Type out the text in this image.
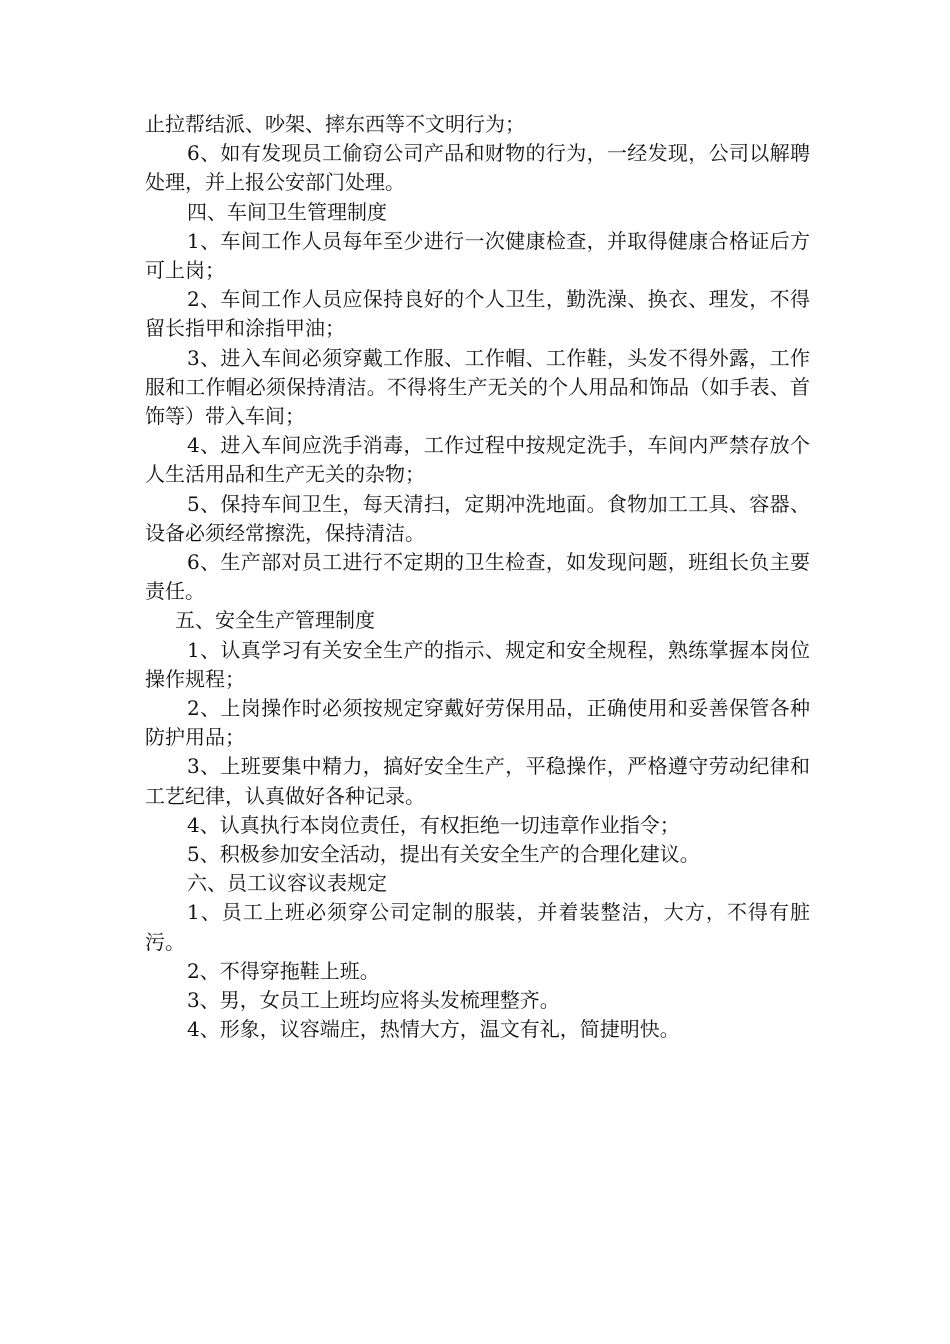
止拉帮结派、吵架、摔东西等不文明行为；

6、如有发现员工偷窃公司产品和财物的行为，一经发现，公司以解聘处理，并上报公安部门处理。

四、车间卫生管理制度

1、车间工作人员每年至少进行一次健康检查，并取得健康合格证后方可上岗；

2、车间工作人员应保持良好的个人卫生，勤洗澡、换衣、理发，不得留长指甲和涂指甲油；

3、进入车间必须穿戴工作服、工作帽、工作鞋，头发不得外露，工作服和工作帽必须保持清洁。不得将生产无关的个人用品和饰品（如手表、首饰等）带入车间；

4、进入车间应洗手消毒，工作过程中按规定洗手，车间内严禁存放个人生活用品和生产无关的杂物；

5、保持车间卫生，每天清扫，定期冲洗地面。食物加工工具、容器、设备必须经常擦洗，保持清洁。

6、生产部对员工进行不定期的卫生检查，如发现问题，班组长负主要责任。

五、安全生产管理制度

1、认真学习有关安全生产的指示、规定和安全规程，熟练掌握本岗位操作规程；

2、上岗操作时必须按规定穿戴好劳保用品，正确使用和妥善保管各种防护用品；

3、上班要集中精力，搞好安全生产，平稳操作，严格遵守劳动纪律和工艺纪律，认真做好各种记录。

4、认真执行本岗位责任，有权拒绝一切违章作业指令；

5、积极参加安全活动，提出有关安全生产的合理化建议。

六、员工议容议表规定

1、员工上班必须穿公司定制的服装，并着装整洁，大方，不得有脏污。

2、不得穿拖鞋上班。

3、男，女员工上班均应将头发梳理整齐。

4、形象，议容端庄，热情大方，温文有礼，简捷明快。
